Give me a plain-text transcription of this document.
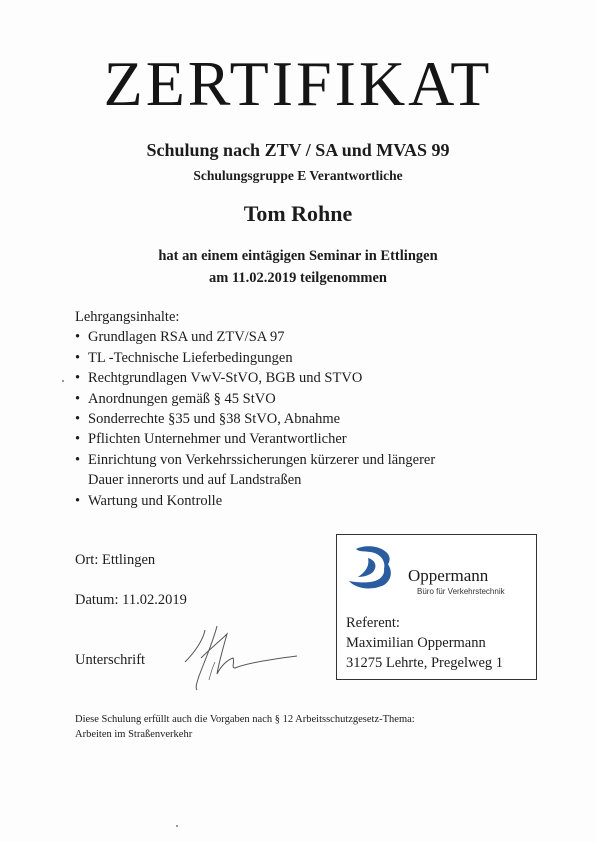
ZERTIFIKAT
Schulung nach ZTV / SA und MVAS 99
Schulungsgruppe E Verantwortliche
Tom Rohne
hat an einem eintägigen Seminar in Ettlingen
am 11.02.2019 teilgenommen
Lehrgangsinhalte:
• Grundlagen RSA und ZTV/SA 97
• TL -Technische Lieferbedingungen
• Rechtgrundlagen VwV-StVO, BGB und STVO
• Anordnungen gemäß § 45 StVO
• Sonderrechte §35 und §38 StVO, Abnahme
• Pflichten Unternehmer und Verantwortlicher
• Einrichtung von Verkehrssicherungen kürzerer und längerer
Dauer innerorts und auf Landstraßen
• Wartung und Kontrolle
Ort: Ettlingen
Datum: 11.02.2019
Unterschrift
Oppermann
Büro für Verkehrstechnik
Referent:
Maximilian Oppermann
31275 Lehrte, Pregelweg 1
Diese Schulung erfüllt auch die Vorgaben nach § 12 Arbeitsschutzgesetz-Thema:
Arbeiten im Straßenverkehr
